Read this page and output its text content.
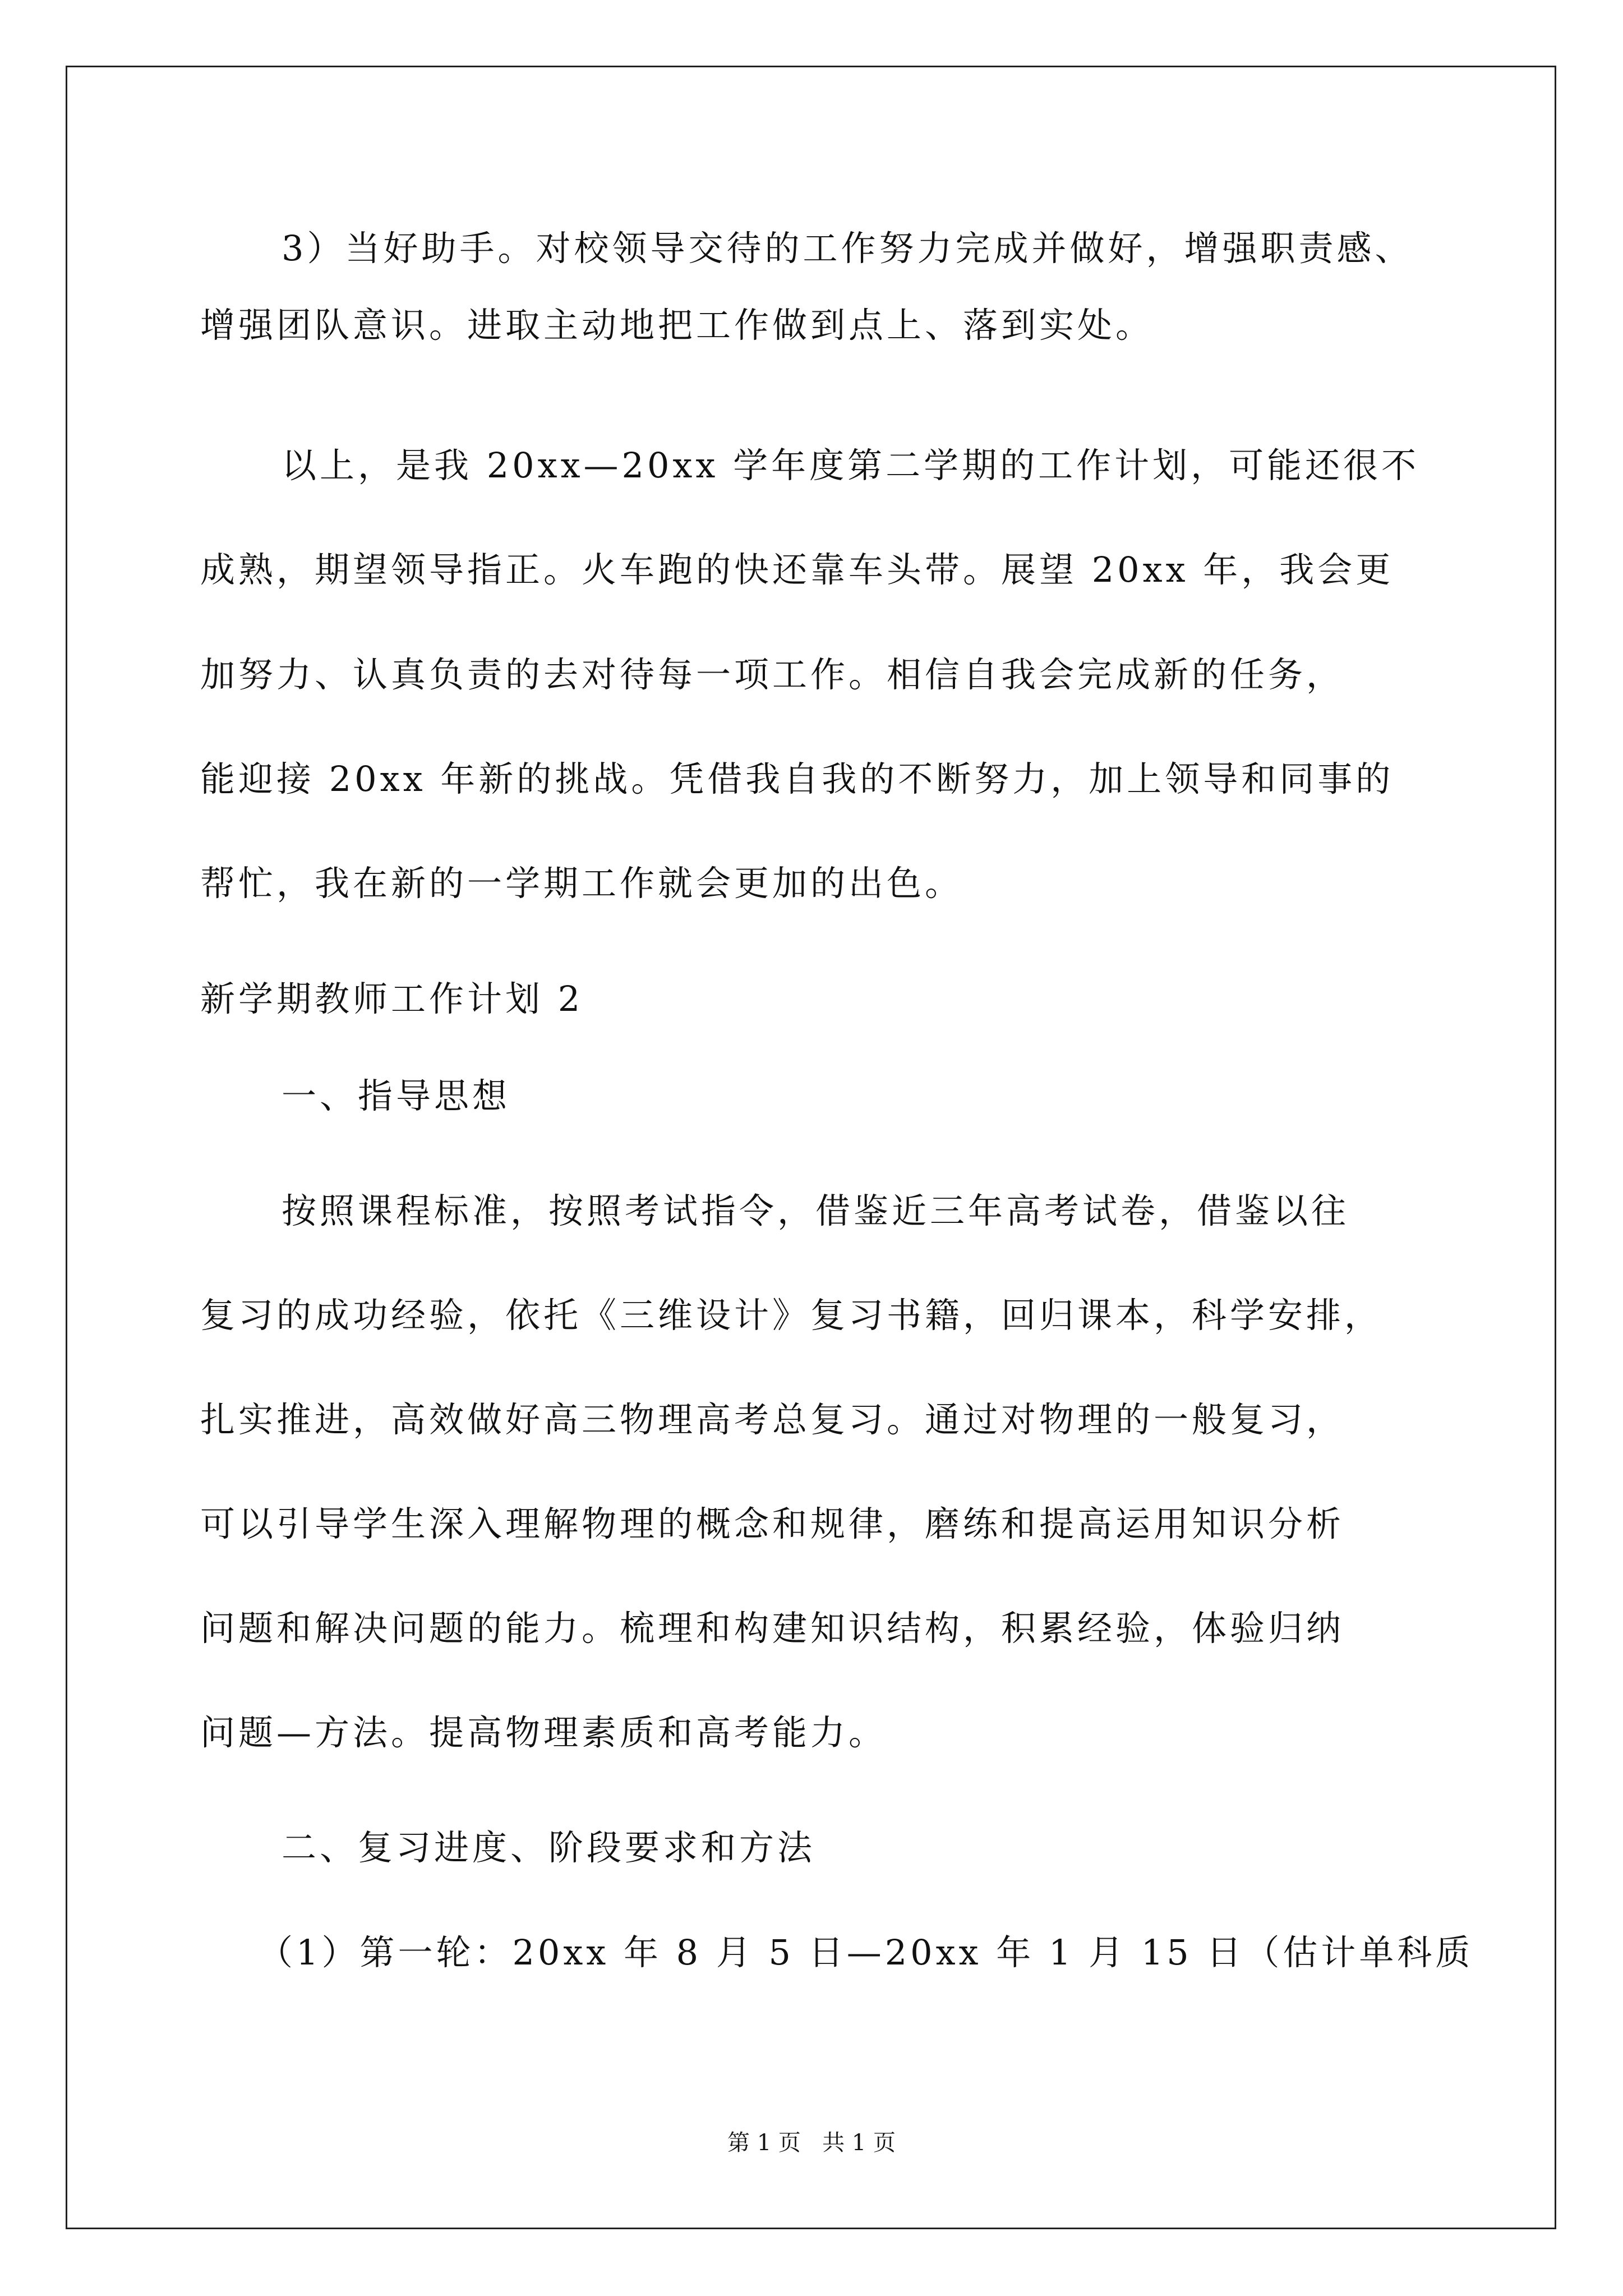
3）当好助手。对校领导交待的工作努力完成并做好，增强职责感、
增强团队意识。进取主动地把工作做到点上、落到实处。
以上，是我 20xx—20xx 学年度第二学期的工作计划，可能还很不
成熟，期望领导指正。火车跑的快还靠车头带。展望 20xx 年，我会更
加努力、认真负责的去对待每一项工作。相信自我会完成新的任务，
能迎接 20xx 年新的挑战。凭借我自我的不断努力，加上领导和同事的
帮忙，我在新的一学期工作就会更加的出色。
新学期教师工作计划 2
一、指导思想
按照课程标准，按照考试指令，借鉴近三年高考试卷，借鉴以往
复习的成功经验，依托《三维设计》复习书籍，回归课本，科学安排，
扎实推进，高效做好高三物理高考总复习。通过对物理的一般复习，
可以引导学生深入理解物理的概念和规律，磨练和提高运用知识分析
问题和解决问题的能力。梳理和构建知识结构，积累经验，体验归纳
问题—方法。提高物理素质和高考能力。
二、复习进度、阶段要求和方法
（1）第一轮：20xx 年 8 月 5 日—20xx 年 1 月 15 日（估计单科质
第 1 页   共 1 页
